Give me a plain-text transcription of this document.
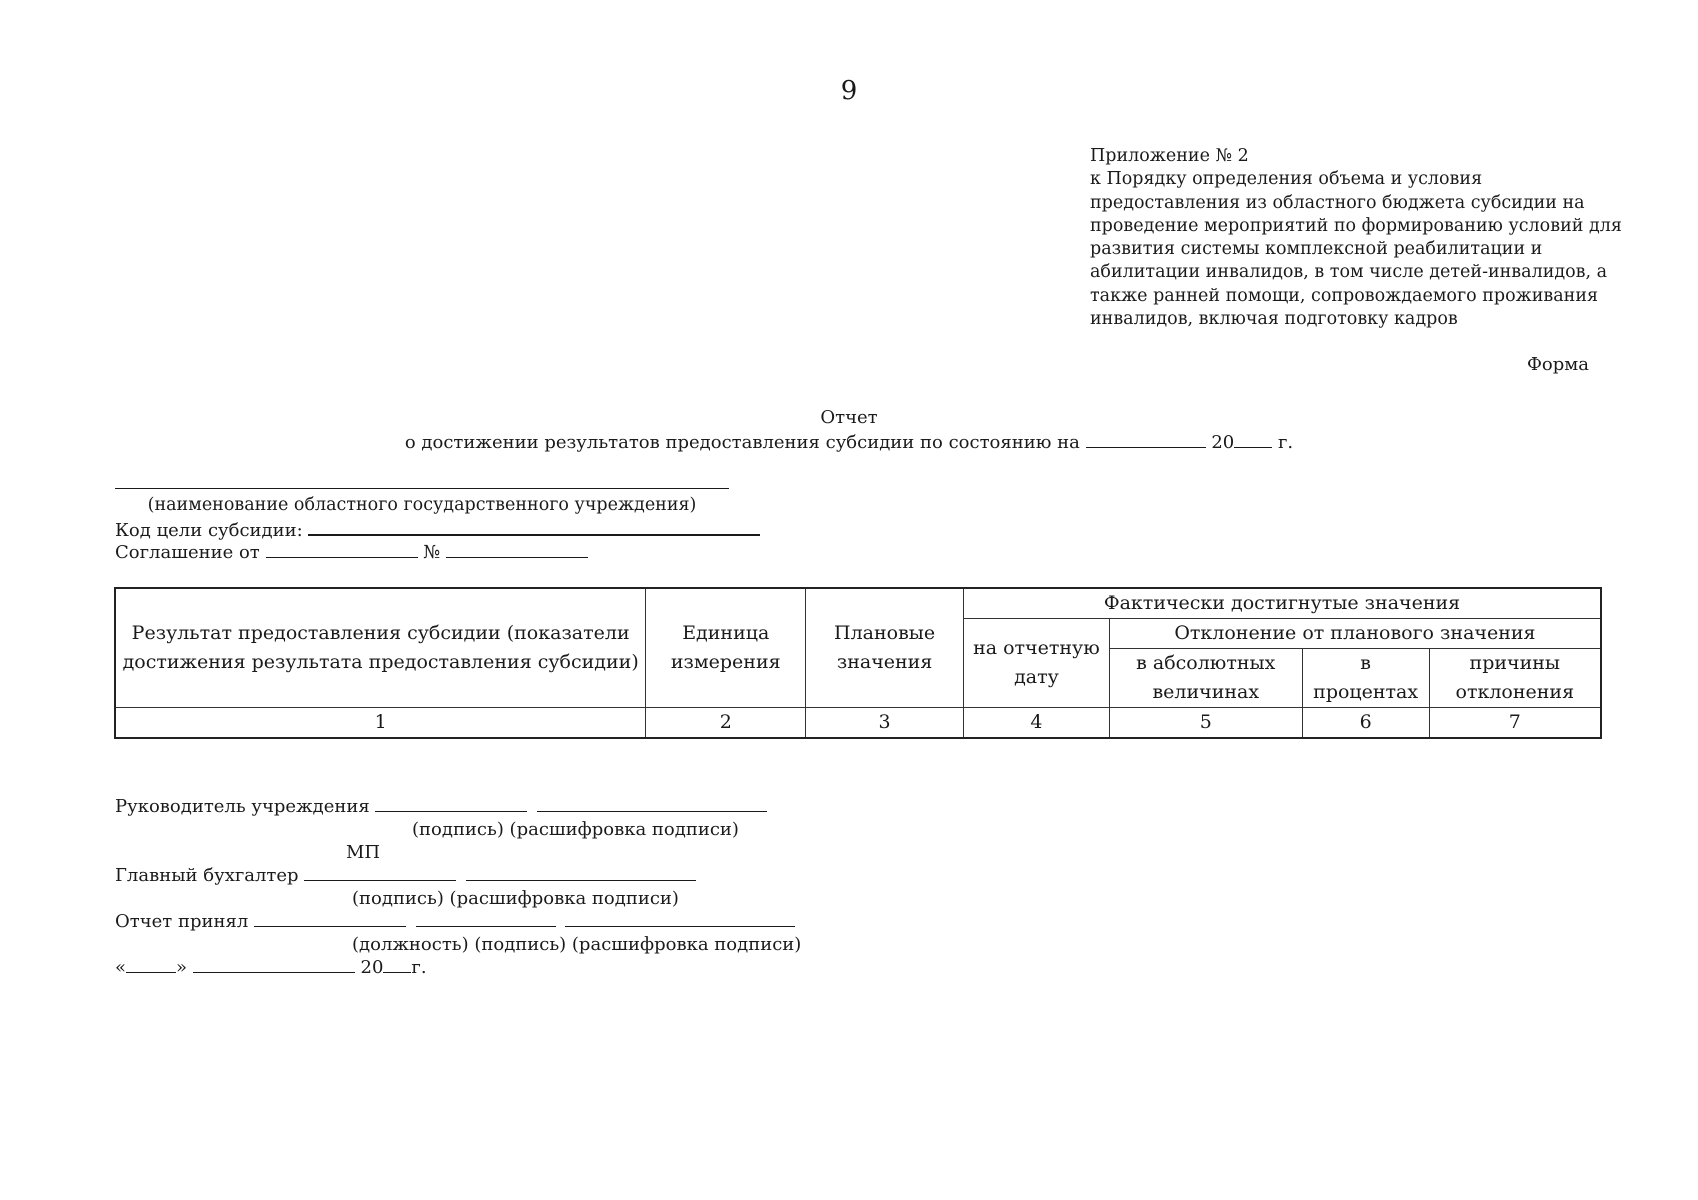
9
Приложение № 2
к Порядку определения объема и условия
предоставления из областного бюджета субсидии на
проведение мероприятий по формированию условий для
развития системы комплексной реабилитации и
абилитации инвалидов, в том числе детей-инвалидов, а
также ранней помощи, сопровождаемого проживания
инвалидов, включая подготовку кадров
Форма
Отчет
о достижении результатов предоставления субсидии по состоянию на	20 г.
(наименование областного государственного учреждения)
Код цели субсидии:
Соглашение от	№
Результат предоставления субсидии (показатели достижения результата предоставления субсидии)	Единица измерения	Плановые значения	Фактически достигнутые значения			
			на отчетную дату	Отклонение от планового значения		
				в абсолютных величинах	в процентах	причины отклонения

1	2	3	4	5	6	7
Руководитель учреждения
(подпись) (расшифровка подписи)
МП
Главный бухгалтер
(подпись) (расшифровка подписи)
Отчет принял
(должность) (подпись) (расшифровка подписи)
«	»	20 г.
